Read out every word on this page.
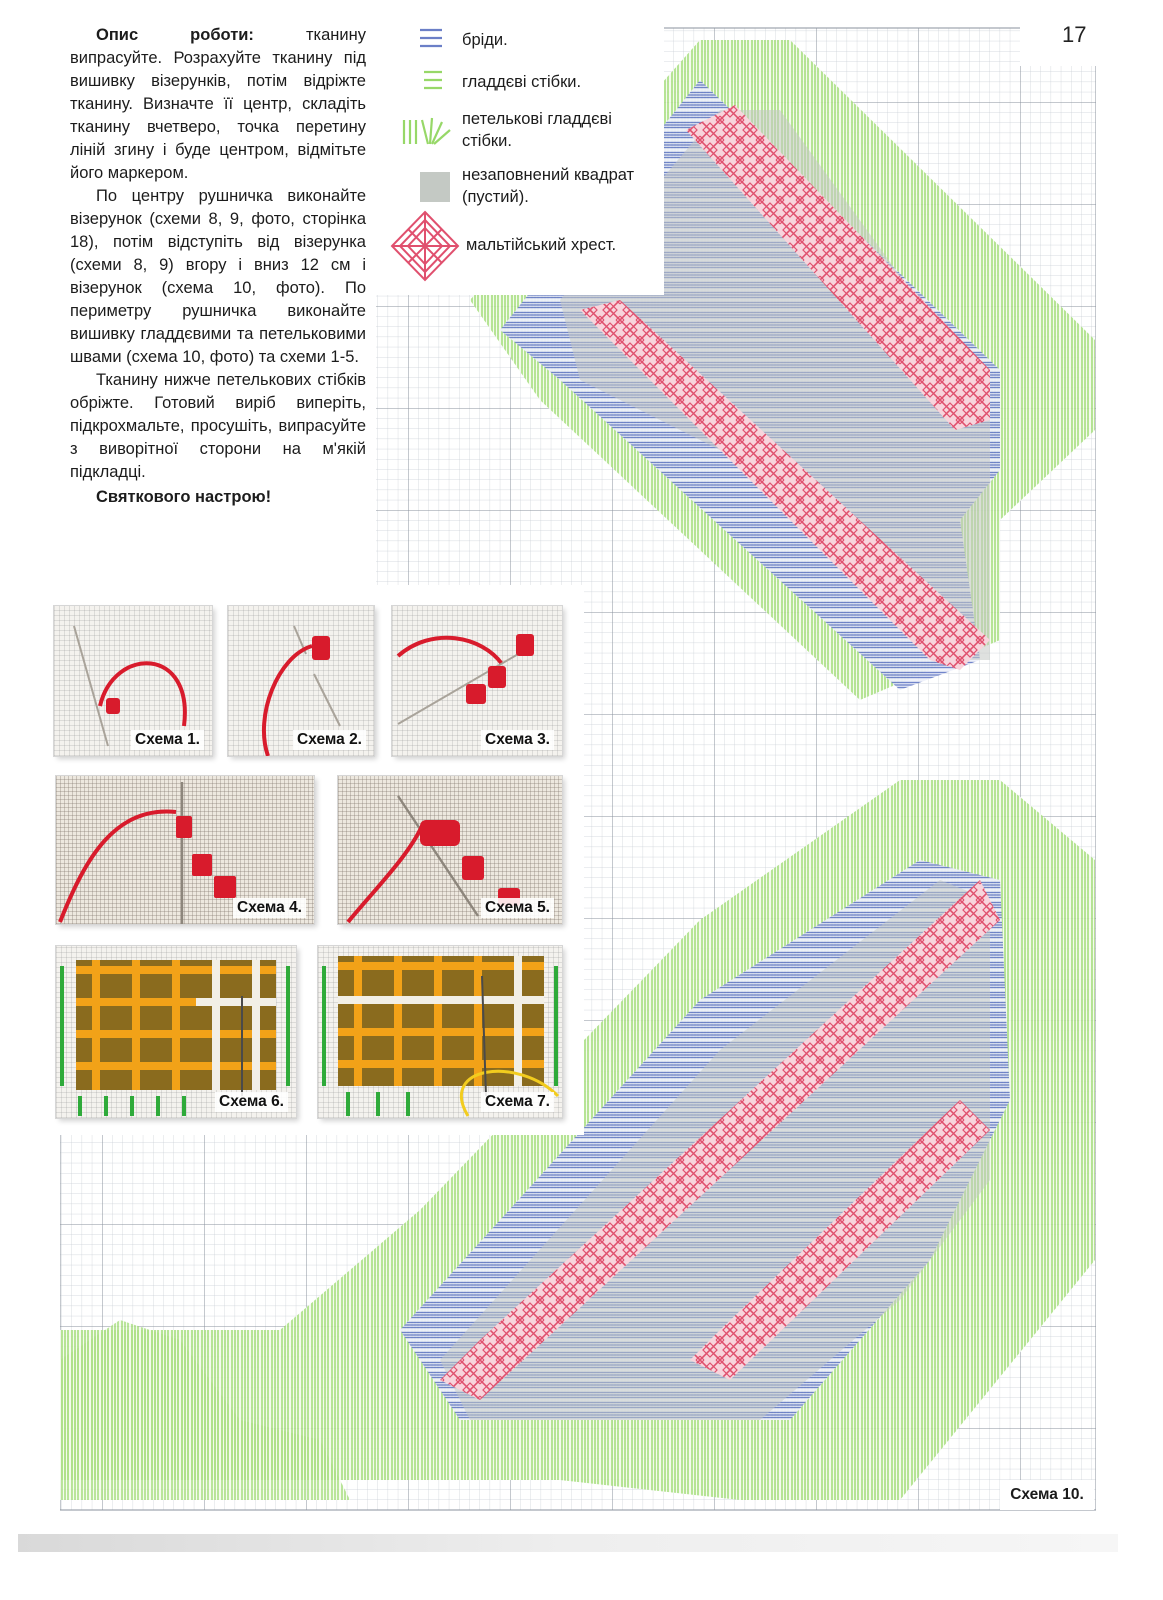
17

Опис роботи:	тканину випрасуйте. Розрахуйте тканину під вишивку візерунків, потім відріжте тканину. Визначте її центр, складіть тканину вчетверо, точка перетину ліній згину і буде центром, відмітьте його маркером.

По центру рушничка виконайте візерунок (схеми 8, 9, фото, сторінка 18), потім відступіть від візерунка (схеми 8, 9) вгору і вниз 12 см і візерунок (схема 10, фото). По периметру рушничка виконайте вишивку гладдєвими та петельковими швами (схема 10, фото) та схеми 1-5.

Тканину нижче петелькових стібків обріжте. Готовий виріб виперіть, підкрохмальте, просушіть, випрасуйте з виворітної сторони на м'якій підкладці.

Святкового настрою!

бріди.
гладдєві стібки.
петелькові гладдєві стібки.
незаповнений квадрат (пустий).
мальтійський хрест.
Схема 1.	Схема 2.	Схема 3.
Схема 4.	Схема 5.
Схема 6.	Схема 7.
Схема 10.
